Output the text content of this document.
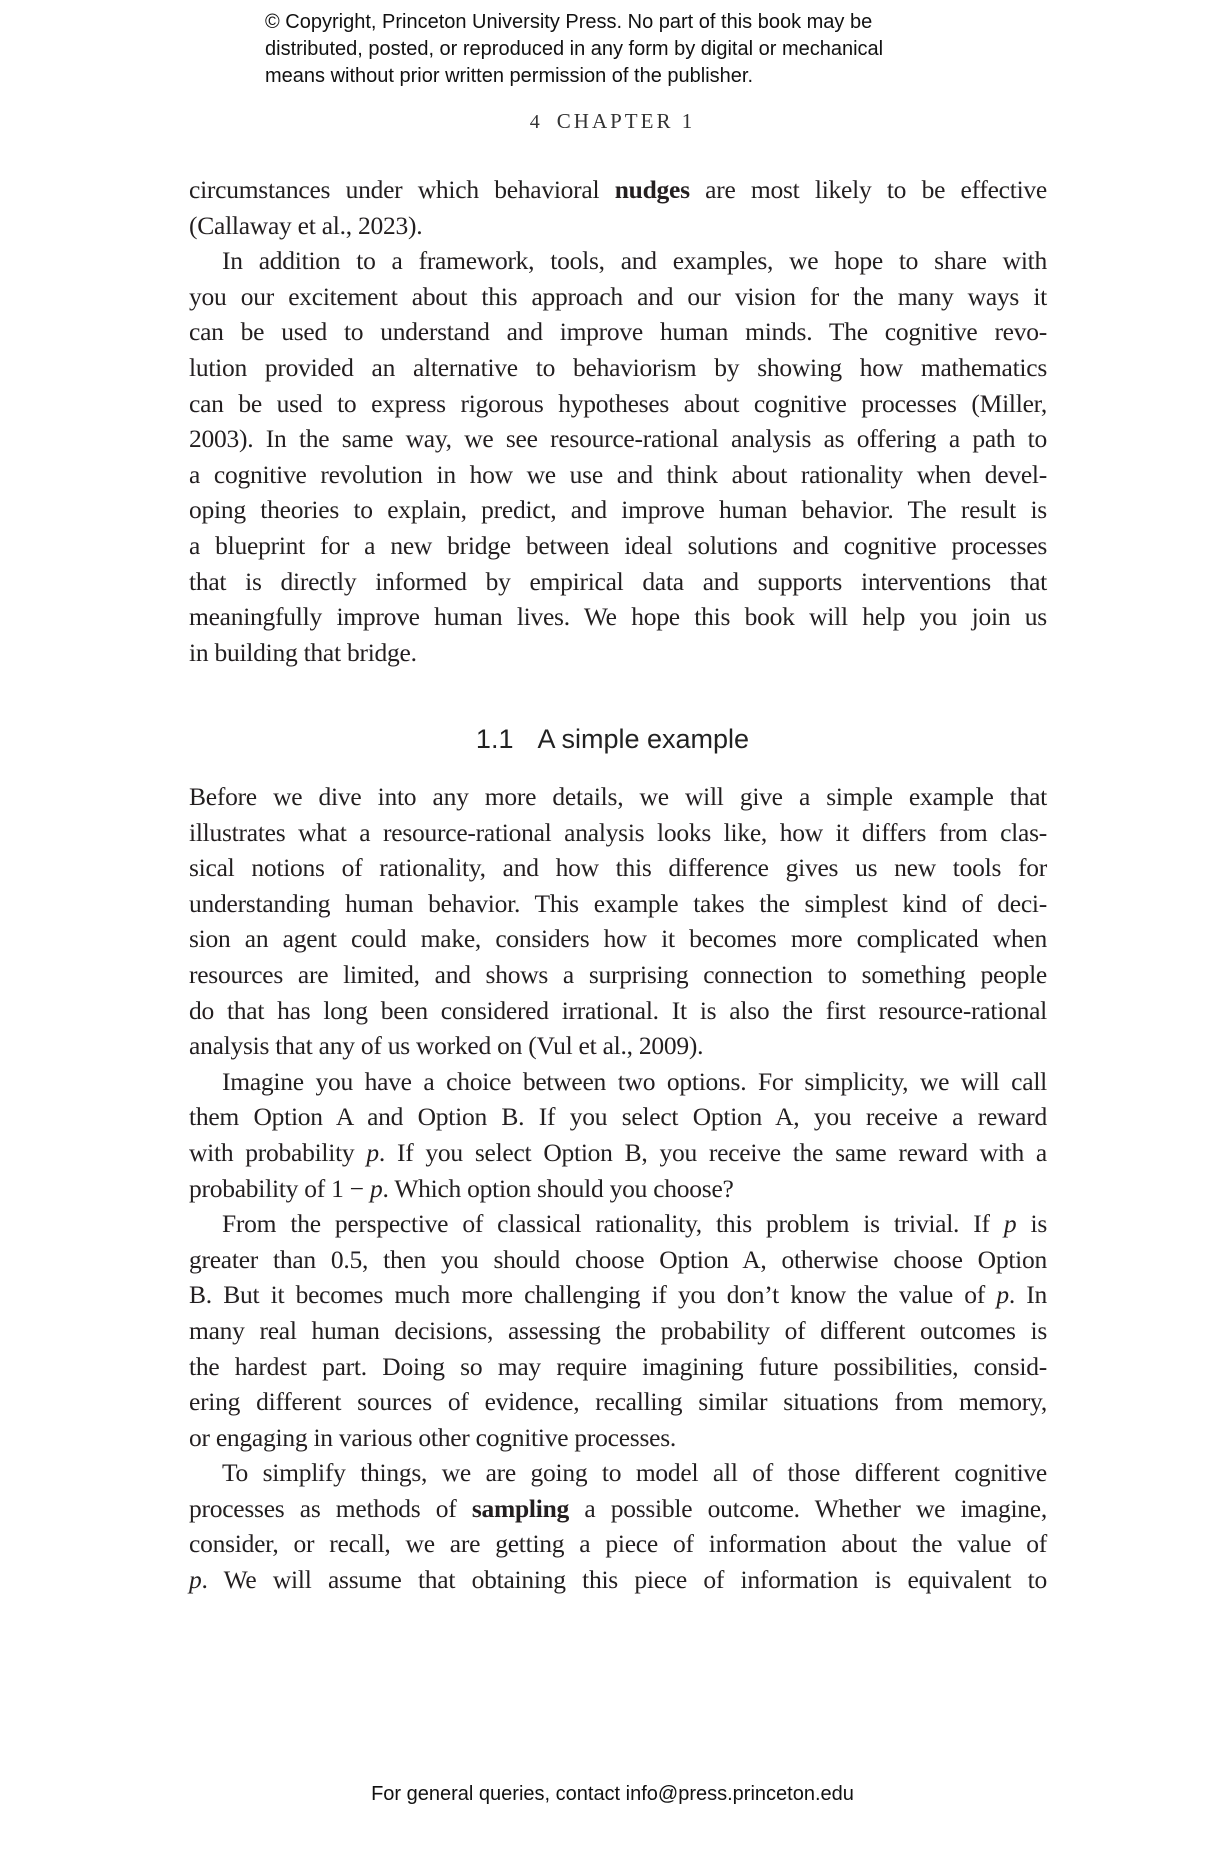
© Copyright, Princeton University Press. No part of this book may be
distributed, posted, or reproduced in any form by digital or mechanical
means without prior written permission of the publisher.
4 CHAPTER 1
circumstances under which behavioral nudges are most likely to be effective
(Callaway et al., 2023).
In addition to a framework, tools, and examples, we hope to share with
you our excitement about this approach and our vision for the many ways it
can be used to understand and improve human minds. The cognitive revo-
lution provided an alternative to behaviorism by showing how mathematics
can be used to express rigorous hypotheses about cognitive processes (Miller,
2003). In the same way, we see resource-rational analysis as offering a path to
a cognitive revolution in how we use and think about rationality when devel-
oping theories to explain, predict, and improve human behavior. The result is
a blueprint for a new bridge between ideal solutions and cognitive processes
that is directly informed by empirical data and supports interventions that
meaningfully improve human lives. We hope this book will help you join us
in building that bridge.
1.1 A simple example
Before we dive into any more details, we will give a simple example that
illustrates what a resource-rational analysis looks like, how it differs from clas-
sical notions of rationality, and how this difference gives us new tools for
understanding human behavior. This example takes the simplest kind of deci-
sion an agent could make, considers how it becomes more complicated when
resources are limited, and shows a surprising connection to something people
do that has long been considered irrational. It is also the first resource-rational
analysis that any of us worked on (Vul et al., 2009).
Imagine you have a choice between two options. For simplicity, we will call
them Option A and Option B. If you select Option A, you receive a reward
with probability p. If you select Option B, you receive the same reward with a
probability of 1 − p. Which option should you choose?
From the perspective of classical rationality, this problem is trivial. If p is
greater than 0.5, then you should choose Option A, otherwise choose Option
B. But it becomes much more challenging if you don’t know the value of p. In
many real human decisions, assessing the probability of different outcomes is
the hardest part. Doing so may require imagining future possibilities, consid-
ering different sources of evidence, recalling similar situations from memory,
or engaging in various other cognitive processes.
To simplify things, we are going to model all of those different cognitive
processes as methods of sampling a possible outcome. Whether we imagine,
consider, or recall, we are getting a piece of information about the value of
p. We will assume that obtaining this piece of information is equivalent to
For general queries, contact info@press.princeton.edu
